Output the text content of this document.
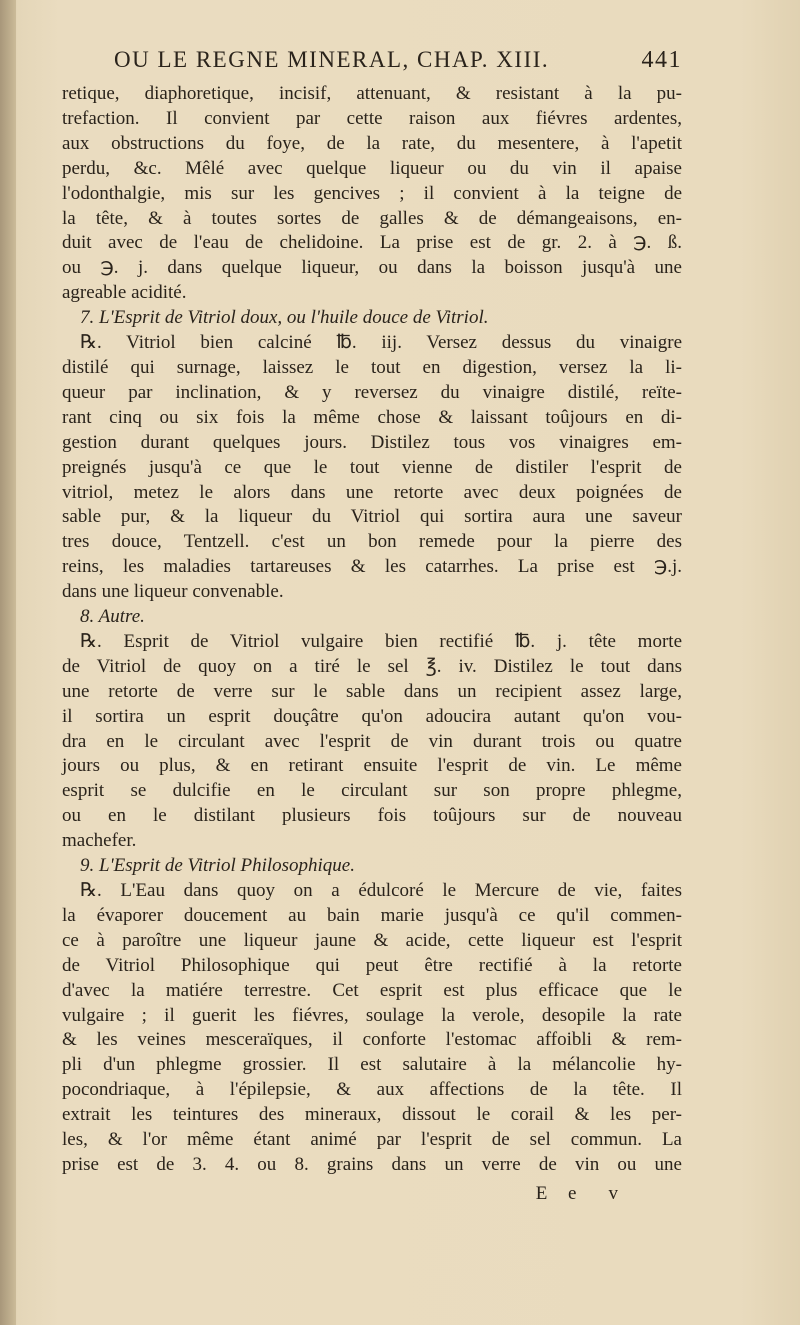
OU LE REGNE MINERAL, CHAP. XIII.	441
retique, diaphoretique, incisif, attenuant, & resistant à la pu-
trefaction. Il convient par cette raison aux fiévres ardentes,
aux obstructions du foye, de la rate, du mesentere, à l'apetit
perdu, &c. Mêlé avec quelque liqueur ou du vin il apaise
l'odonthalgie, mis sur les gencives ; il convient à la teigne de
la tête, & à toutes sortes de galles & de démangeaisons, en-
duit avec de l'eau de chelidoine. La prise est de gr. 2. à ℈. ß.
ou ℈. j. dans quelque liqueur, ou dans la boisson jusqu'à une
agreable acidité.
7. L'Esprit de Vitriol doux, ou l'huile douce de Vitriol.
℞. Vitriol bien calciné ℔. iij. Versez dessus du vinaigre
distilé qui surnage, laissez le tout en digestion, versez la li-
queur par inclination, & y reversez du vinaigre distilé, reïte-
rant cinq ou six fois la même chose & laissant toûjours en di-
gestion durant quelques jours. Distilez tous vos vinaigres em-
preignés jusqu'à ce que le tout vienne de distiler l'esprit de
vitriol, metez le alors dans une retorte avec deux poignées de
sable pur, & la liqueur du Vitriol qui sortira aura une saveur
tres douce, Tentzell. c'est un bon remede pour la pierre des
reins, les maladies tartareuses & les catarrhes. La prise est ℈.j.
dans une liqueur convenable.
8. Autre.
℞. Esprit de Vitriol vulgaire bien rectifié ℔. j. tête morte
de Vitriol de quoy on a tiré le sel ℥. iv. Distilez le tout dans
une retorte de verre sur le sable dans un recipient assez large,
il sortira un esprit douçâtre qu'on adoucira autant qu'on vou-
dra en le circulant avec l'esprit de vin durant trois ou quatre
jours ou plus, & en retirant ensuite l'esprit de vin. Le même
esprit se dulcifie en le circulant sur son propre phlegme,
ou en le distilant plusieurs fois toûjours sur de nouveau
machefer.
9. L'Esprit de Vitriol Philosophique.
℞. L'Eau dans quoy on a édulcoré le Mercure de vie, faites
la évaporer doucement au bain marie jusqu'à ce qu'il commen-
ce à paroître une liqueur jaune & acide, cette liqueur est l'esprit
de Vitriol Philosophique qui peut être rectifié à la retorte
d'avec la matiére terrestre. Cet esprit est plus efficace que le
vulgaire ; il guerit les fiévres, soulage la verole, desopile la rate
& les veines mesceraïques, il conforte l'estomac affoibli & rem-
pli d'un phlegme grossier. Il est salutaire à la mélancolie hy-
pocondriaque, à l'épilepsie, & aux affections de la tête. Il
extrait les teintures des mineraux, dissout le corail & les per-
les, & l'or même étant animé par l'esprit de sel commun. La
prise est de 3. 4. ou 8. grains dans un verre de vin ou une
E e v
